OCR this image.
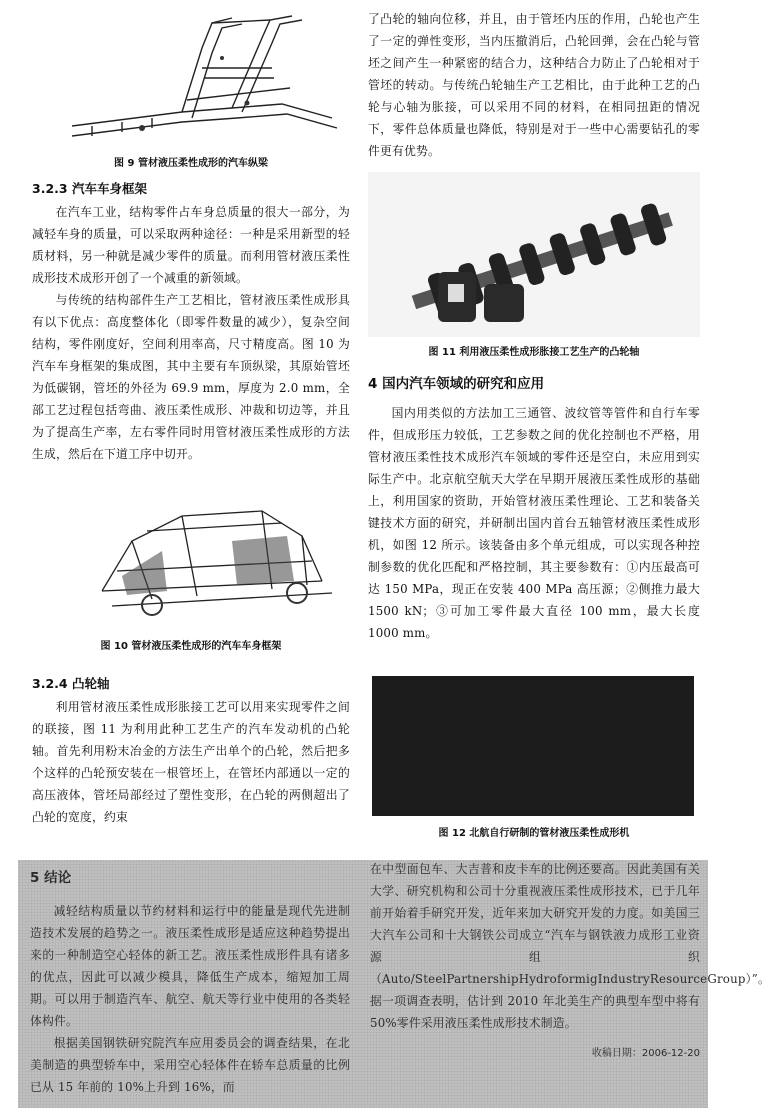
图 9 管材液压柔性成形的汽车纵梁
3.2.3 汽车车身框架

在汽车工业，结构零件占车身总质量的很大一部分，为减轻车身的质量，可以采取两种途径：一种是采用新型的轻质材料，另一种就是减少零件的质量。而利用管材液压柔性成形技术成形开创了一个减重的新领域。

与传统的结构部件生产工艺相比，管材液压柔性成形具有以下优点：高度整体化（即零件数量的减少），复杂空间结构，零件刚度好，空间利用率高，尺寸精度高。图 10 为汽车车身框架的集成图，其中主要有车顶纵梁，其原始管坯为低碳钢，管坯的外径为 69.9 mm，厚度为 2.0 mm，全部工艺过程包括弯曲、液压柔性成形、冲裁和切边等，并且为了提高生产率，左右零件同时用管材液压柔性成形的方法生成，然后在下道工序中切开。

图 10 管材液压柔性成形的汽车车身框架
3.2.4 凸轮轴

利用管材液压柔性成形胀接工艺可以用来实现零件之间的联接，图 11 为利用此种工艺生产的汽车发动机的凸轮轴。首先利用粉末冶金的方法生产出单个的凸轮，然后把多个这样的凸轮预安装在一根管坯上，在管坯内部通以一定的高压液体，管坯局部经过了塑性变形，在凸轮的两侧超出了凸轮的宽度，约束

了凸轮的轴向位移，并且，由于管坯内压的作用，凸轮也产生了一定的弹性变形，当内压撤消后，凸轮回弹，会在凸轮与管坯之间产生一种紧密的结合力，这种结合力防止了凸轮相对于管坯的转动。与传统凸轮轴生产工艺相比，由于此种工艺的凸轮与心轴为胀接，可以采用不同的材料，在相同扭距的情况下，零件总体质量也降低，特别是对于一些中心需要钻孔的零件更有优势。

图 11 利用液压柔性成形胀接工艺生产的凸轮轴
4 国内汽车领域的研究和应用

国内用类似的方法加工三通管、波纹管等管件和自行车零件，但成形压力较低，工艺参数之间的优化控制也不严格，用管材液压柔性技术成形汽车领域的零件还是空白，未应用到实际生产中。北京航空航天大学在早期开展液压柔性成形的基础上，利用国家的资助，开始管材液压柔性理论、工艺和装备关键技术方面的研究，并研制出国内首台五轴管材液压柔性成形机，如图 12 所示。该装备由多个单元组成，可以实现各种控制参数的优化匹配和严格控制，其主要参数有：①内压最高可达 150 MPa，现正在安装 400 MPa 高压源；②侧推力最大 1500 kN；③可加工零件最大直径 100 mm，最大长度 1000 mm。

图 12 北航自行研制的管材液压柔性成形机
5 结论

减轻结构质量以节约材料和运行中的能量是现代先进制造技术发展的趋势之一。液压柔性成形是适应这种趋势提出来的一种制造空心轻体的新工艺。液压柔性成形件具有诸多的优点，因此可以减少模具，降低生产成本，缩短加工周期。可以用于制造汽车、航空、航天等行业中使用的各类轻体构件。

根据美国钢铁研究院汽车应用委员会的调查结果，在北美制造的典型轿车中，采用空心轻体件在轿车总质量的比例已从 15 年前的 10%上升到 16%，而

在中型面包车、大吉普和皮卡车的比例还要高。因此美国有关大学、研究机构和公司十分重视液压柔性成形技术，已于几年前开始着手研究开发，近年来加大研究开发的力度。如美国三大汽车公司和十大钢铁公司成立“汽车与钢铁液力成形工业资源组织（Auto/SteelPartnershipHydroformigIndustryResourceGroup）”。据一项调查表明，估计到 2010 年北美生产的典型车型中将有 50%零件采用液压柔性成形技术制造。

收稿日期：2006-12-20
